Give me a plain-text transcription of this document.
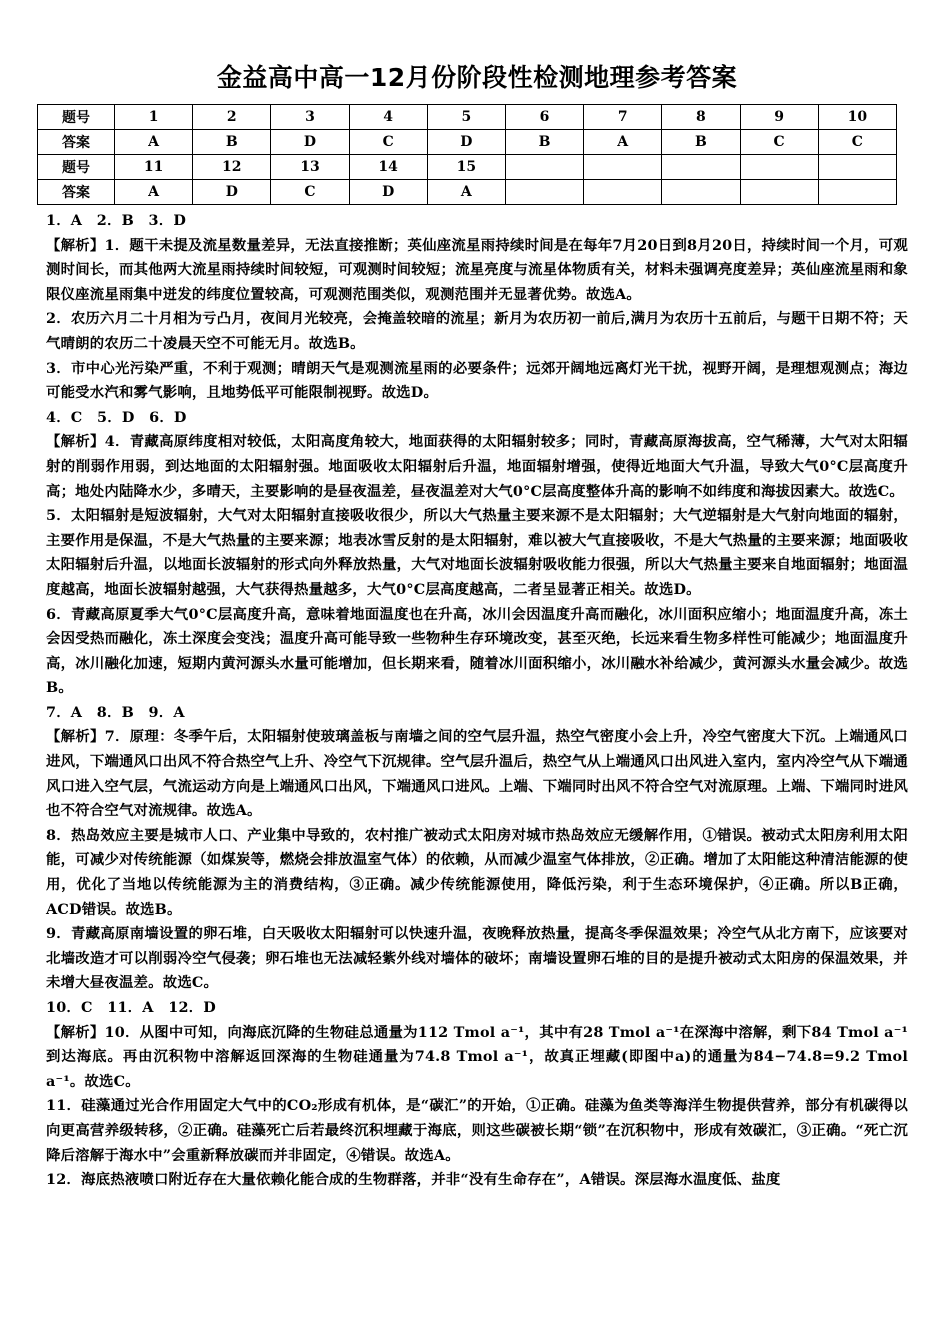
金益高中高一12月份阶段性检测地理参考答案
题号	1	2	3	4	5	6	7	8	9	10
答案	A	B	D	C	D	B	A	B	C	C
题号	11	12	13	14	15					
答案	A	D	C	D	A					

1．A　2．B　3．D

【解析】1．题干未提及流星数量差异，无法直接推断；英仙座流星雨持续时间是在每年7月20日到8月20日，持续时间一个月，可观测时间长，而其他两大流星雨持续时间较短，可观测时间较短；流星亮度与流星体物质有关，材料未强调亮度差异；英仙座流星雨和象限仪座流星雨集中迸发的纬度位置较高，可观测范围类似，观测范围并无显著优势。故选A。

2．农历六月二十月相为亏凸月，夜间月光较亮，会掩盖较暗的流星；新月为农历初一前后,满月为农历十五前后，与题干日期不符；天气晴朗的农历二十凌晨天空不可能无月。故选B。

3．市中心光污染严重，不利于观测；晴朗天气是观测流星雨的必要条件；远郊开阔地远离灯光干扰，视野开阔，是理想观测点；海边可能受水汽和雾气影响，且地势低平可能限制视野。故选D。

4．C　5．D　6．D

【解析】4．青藏高原纬度相对较低，太阳高度角较大，地面获得的太阳辐射较多；同时，青藏高原海拔高，空气稀薄，大气对太阳辐射的削弱作用弱，到达地面的太阳辐射强。地面吸收太阳辐射后升温，地面辐射增强，使得近地面大气升温，导致大气0°C层高度升高；地处内陆降水少，多晴天，主要影响的是昼夜温差，昼夜温差对大气0°C层高度整体升高的影响不如纬度和海拔因素大。故选C。

5．太阳辐射是短波辐射，大气对太阳辐射直接吸收很少，所以大气热量主要来源不是太阳辐射；大气逆辐射是大气射向地面的辐射，主要作用是保温，不是大气热量的主要来源；地表冰雪反射的是太阳辐射，难以被大气直接吸收，不是大气热量的主要来源；地面吸收太阳辐射后升温，以地面长波辐射的形式向外释放热量，大气对地面长波辐射吸收能力很强，所以大气热量主要来自地面辐射；地面温度越高，地面长波辐射越强，大气获得热量越多，大气0°C层高度越高，二者呈显著正相关。故选D。

6．青藏高原夏季大气0°C层高度升高，意味着地面温度也在升高，冰川会因温度升高而融化，冰川面积应缩小；地面温度升高，冻土会因受热而融化，冻土深度会变浅；温度升高可能导致一些物种生存环境改变，甚至灭绝，长远来看生物多样性可能减少；地面温度升高，冰川融化加速，短期内黄河源头水量可能增加，但长期来看，随着冰川面积缩小，冰川融水补给减少，黄河源头水量会减少。故选B。

7．A　8．B　9．A

【解析】7．原理：冬季午后，太阳辐射使玻璃盖板与南墙之间的空气层升温，热空气密度小会上升，冷空气密度大下沉。上端通风口进风，下端通风口出风不符合热空气上升、冷空气下沉规律。空气层升温后，热空气从上端通风口出风进入室内，室内冷空气从下端通风口进入空气层，气流运动方向是上端通风口出风，下端通风口进风。上端、下端同时出风不符合空气对流原理。上端、下端同时进风也不符合空气对流规律。故选A。

8．热岛效应主要是城市人口、产业集中导致的，农村推广被动式太阳房对城市热岛效应无缓解作用，①错误。被动式太阳房利用太阳能，可减少对传统能源（如煤炭等，燃烧会排放温室气体）的依赖，从而减少温室气体排放，②正确。增加了太阳能这种清洁能源的使用，优化了当地以传统能源为主的消费结构，③正确。减少传统能源使用，降低污染，利于生态环境保护，④正确。所以B正确，ACD错误。故选B。

9．青藏高原南墙设置的卵石堆，白天吸收太阳辐射可以快速升温，夜晚释放热量，提高冬季保温效果；冷空气从北方南下，应该要对北墙改造才可以削弱冷空气侵袭；卵石堆也无法减轻紫外线对墙体的破坏；南墙设置卵石堆的目的是提升被动式太阳房的保温效果，并未增大昼夜温差。故选C。

10．C　11．A　12．D

【解析】10．从图中可知，向海底沉降的生物硅总通量为112 Tmol a⁻¹，其中有28 Tmol a⁻¹在深海中溶解，剩下84 Tmol a⁻¹到达海底。再由沉积物中溶解返回深海的生物硅通量为74.8 Tmol a⁻¹，故真正埋藏(即图中a)的通量为84−74.8=9.2 Tmol a⁻¹。故选C。

11．硅藻通过光合作用固定大气中的CO₂形成有机体，是“碳汇”的开始，①正确。硅藻为鱼类等海洋生物提供营养，部分有机碳得以向更高营养级转移，②正确。硅藻死亡后若最终沉积埋藏于海底，则这些碳被长期“锁”在沉积物中，形成有效碳汇，③正确。“死亡沉降后溶解于海水中”会重新释放碳而并非固定，④错误。故选A。

12．海底热液喷口附近存在大量依赖化能合成的生物群落，并非“没有生命存在”，A错误。深层海水温度低、盐度
